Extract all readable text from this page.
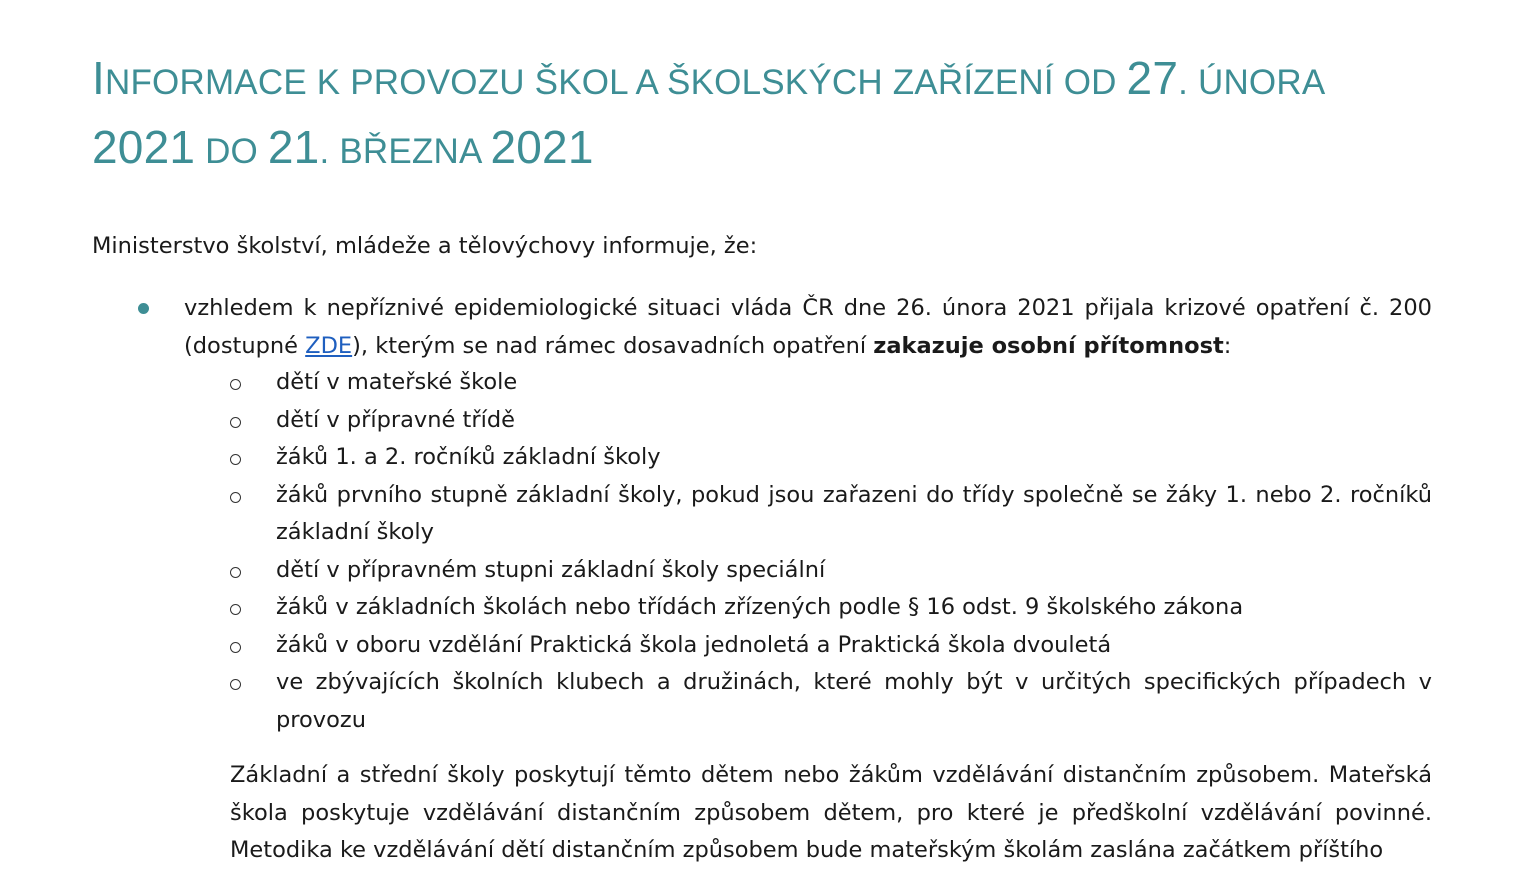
INFORMACE K PROVOZU ŠKOL A ŠKOLSKÝCH ZAŘÍZENÍ OD 27. ÚNORA 2021 DO 21. BŘEZNA 2021

Ministerstvo školství, mládeže a tělovýchovy informuje, že:

vzhledem k nepříznivé epidemiologické situaci vláda ČR dne 26. února 2021 přijala krizové opatření č. 200 (dostupné ZDE), kterým se nad rámec dosavadních opatření zakazuje osobní přítomnost:

dětí v mateřské škole
dětí v přípravné třídě
žáků 1. a 2. ročníků základní školy
žáků prvního stupně základní školy, pokud jsou zařazeni do třídy společně se žáky 1. nebo 2. ročníků základní školy
dětí v přípravném stupni základní školy speciální
žáků v základních školách nebo třídách zřízených podle § 16 odst. 9 školského zákona
žáků v oboru vzdělání Praktická škola jednoletá a Praktická škola dvouletá
ve zbývajících školních klubech a družinách, které mohly být v určitých specifických případech v provozu

Základní a střední školy poskytují těmto dětem nebo žákům vzdělávání distančním způsobem. Mateřská škola poskytuje vzdělávání distančním způsobem dětem, pro které je předškolní vzdělávání povinné. Metodika ke vzdělávání dětí distančním způsobem bude mateřským školám zaslána začátkem příštího
